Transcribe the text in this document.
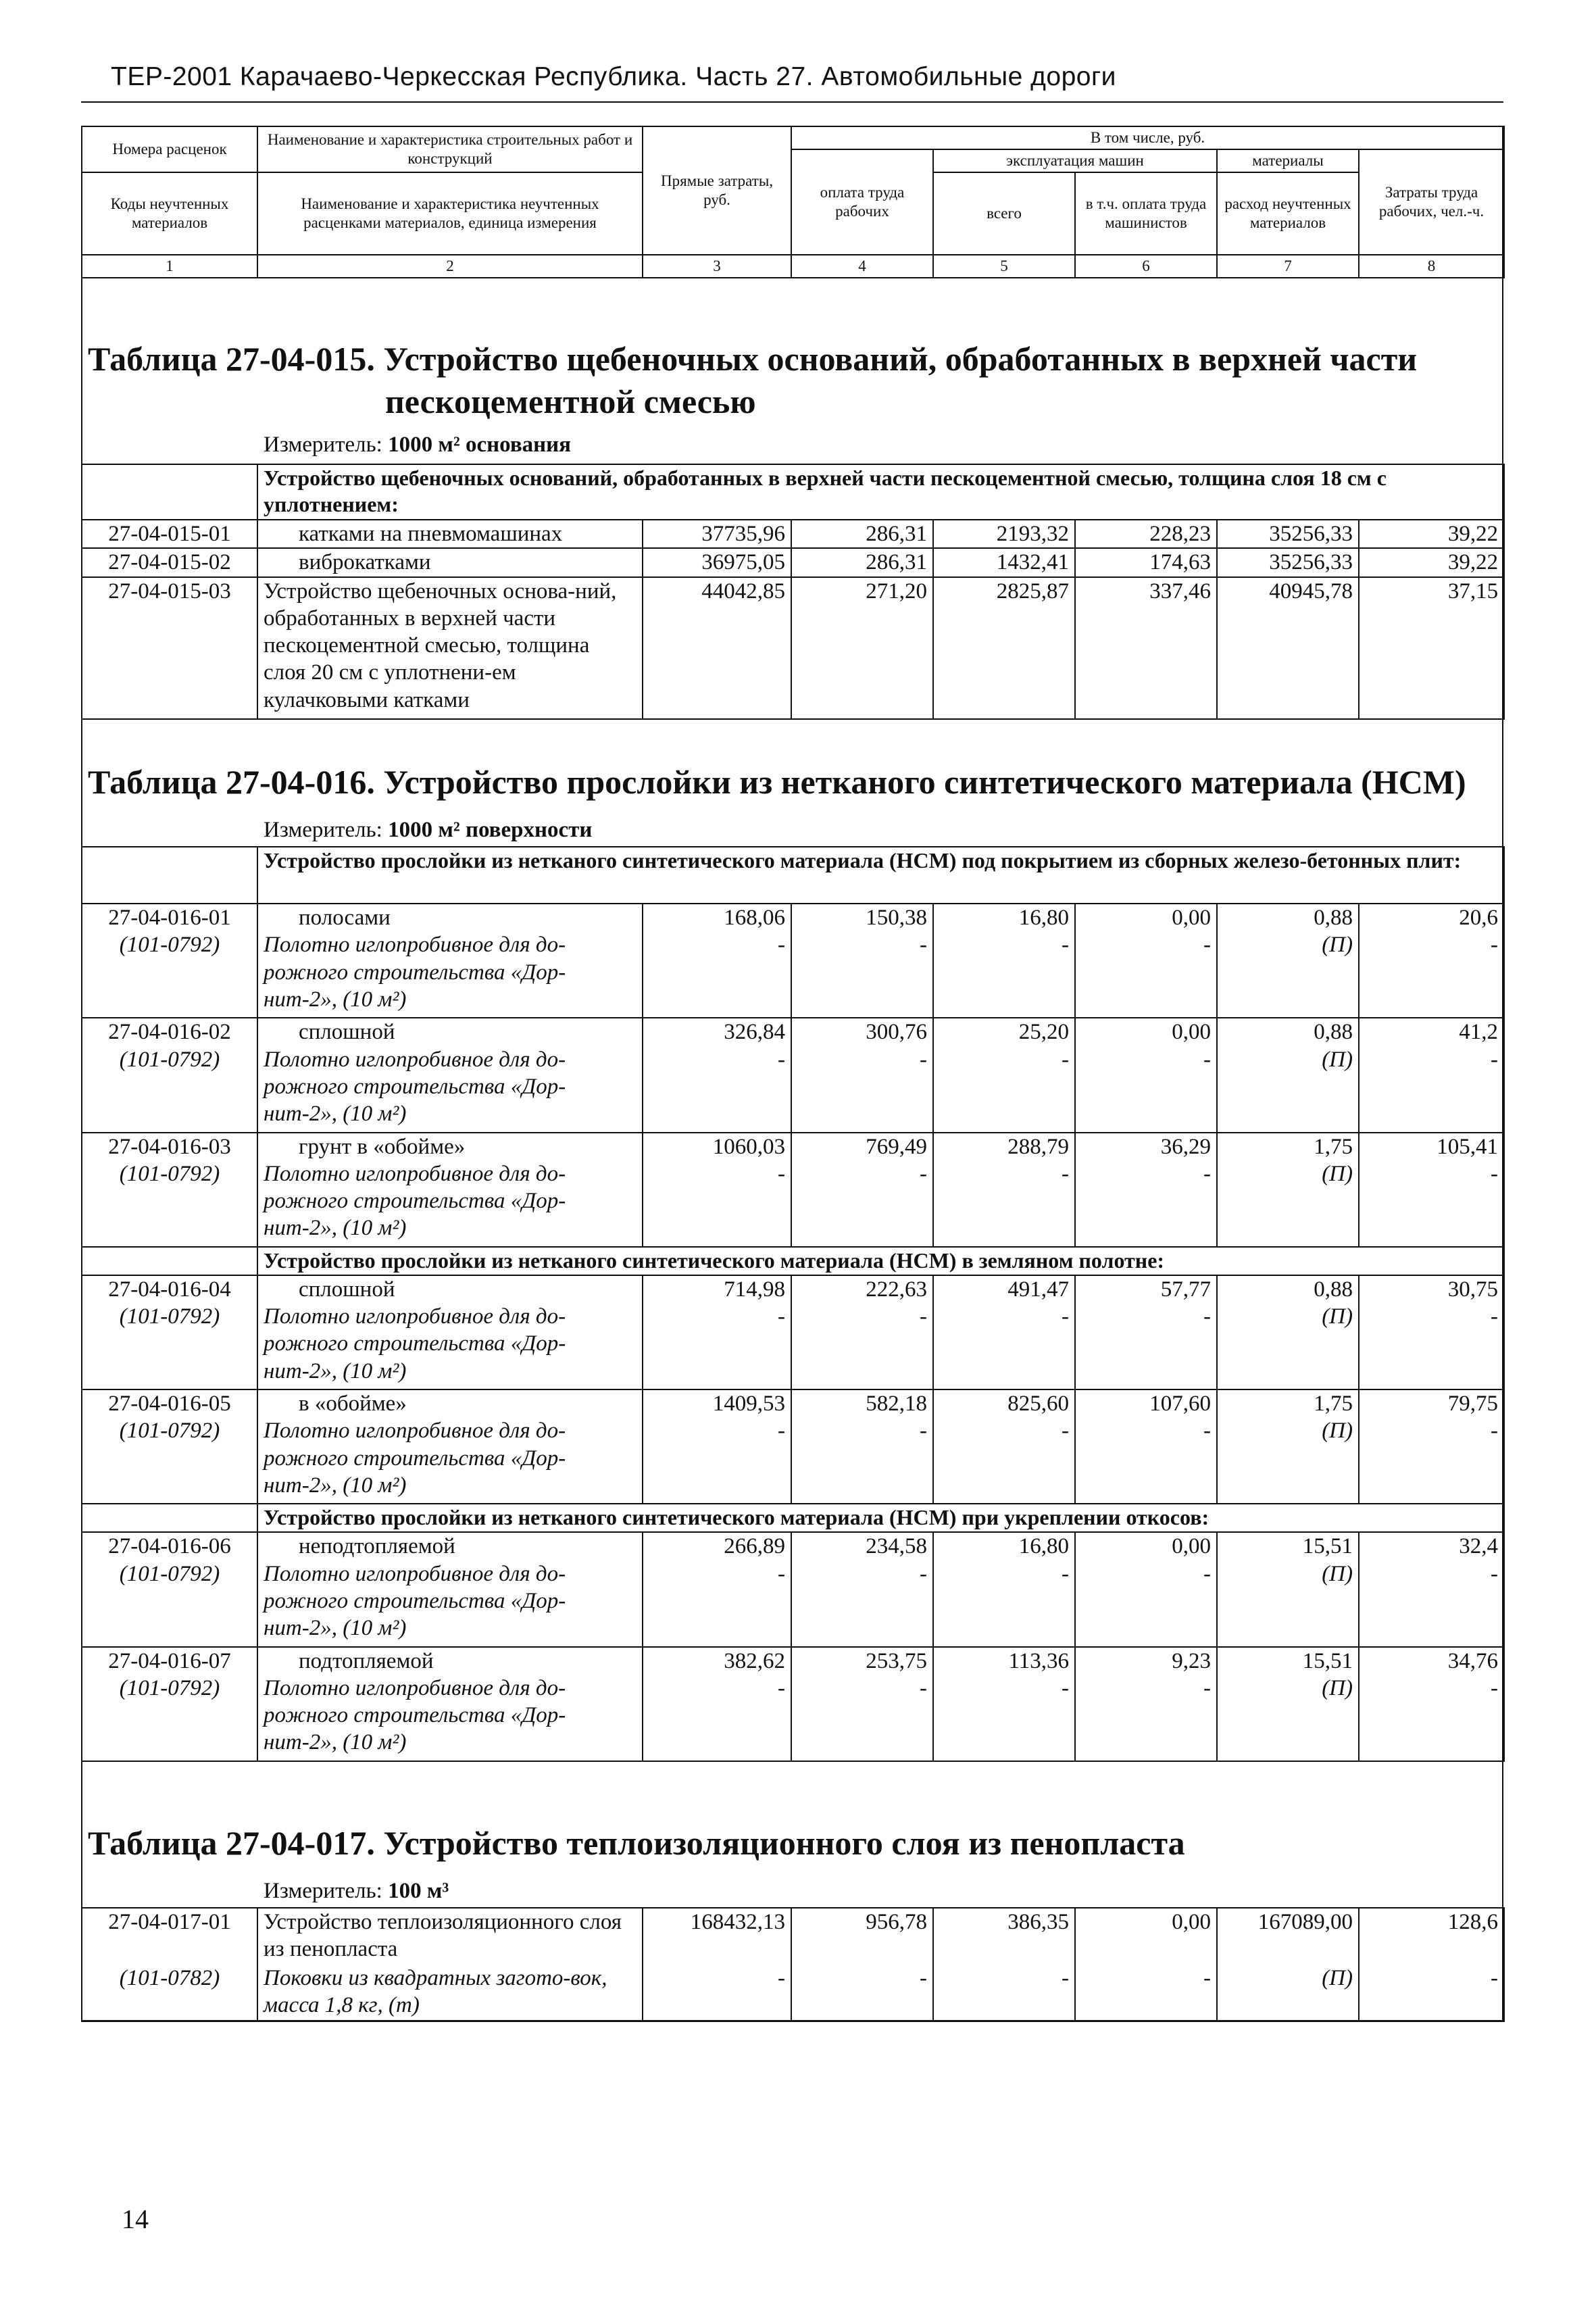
ТЕР-2001 Карачаево-Черкесская Республика. Часть 27. Автомобильные дороги
Номера расценок	Наименование и характеристика строительных работ и конструкций	Прямые затраты, руб.	В том числе, руб.				
			оплата труда рабочих	эксплуатация машин		материалы	Затраты труда рабочих, чел.-ч.
Коды неучтенных материалов	Наименование и характеристика неучтенных расценками материалов, единица измерения			всего	в т.ч. оплата труда машинистов	расход неучтенных материалов	

1	2	3	4	5	6	7	8
Таблица 27-04-015. Устройство щебеночных оснований, обработанных в верхней части
пескоцементной смесью
Измеритель: 1000 м² основания
	Устройство щебеночных оснований, обработанных в верхней части пескоцементной смесью, толщина слоя 18 см с уплотнением:						
27-04-015-01	катками на пневмомашинах	37735,96	286,31	2193,32	228,23	35256,33	39,22
27-04-015-02	виброкатками	36975,05	286,31	1432,41	174,63	35256,33	39,22
27-04-015-03	Устройство щебеночных основа-ний, обработанных в верхней части пескоцементной смесью, толщина слоя 20 см с уплотнени-ем кулачковыми катками	44042,85	271,20	2825,87	337,46	40945,78	37,15
Таблица 27-04-016. Устройство прослойки из нетканого синтетического материала (НСМ)
Измеритель: 1000 м² поверхности
	Устройство прослойки из нетканого синтетического материала (НСМ) под покрытием из сборных железо-бетонных плит:						
27-04-016-01	полосами	168,06	150,38	16,80	0,00	0,88	20,6
(101-0792)	Полотно иглопробивное для до-рожного строительства «Дор-нит-2», (10 м²)	-	-	-	-	(П)	-
27-04-016-02	сплошной	326,84	300,76	25,20	0,00	0,88	41,2
(101-0792)	Полотно иглопробивное для до-рожного строительства «Дор-нит-2», (10 м²)	-	-	-	-	(П)	-
27-04-016-03	грунт в «обойме»	1060,03	769,49	288,79	36,29	1,75	105,41
(101-0792)	Полотно иглопробивное для до-рожного строительства «Дор-нит-2», (10 м²)	-	-	-	-	(П)	-
	Устройство прослойки из нетканого синтетического материала (НСМ) в земляном полотне:						
27-04-016-04	сплошной	714,98	222,63	491,47	57,77	0,88	30,75
(101-0792)	Полотно иглопробивное для до-рожного строительства «Дор-нит-2», (10 м²)	-	-	-	-	(П)	-
27-04-016-05	в «обойме»	1409,53	582,18	825,60	107,60	1,75	79,75
(101-0792)	Полотно иглопробивное для до-рожного строительства «Дор-нит-2», (10 м²)	-	-	-	-	(П)	-
	Устройство прослойки из нетканого синтетического материала (НСМ) при укреплении откосов:						
27-04-016-06	неподтопляемой	266,89	234,58	16,80	0,00	15,51	32,4
(101-0792)	Полотно иглопробивное для до-рожного строительства «Дор-нит-2», (10 м²)	-	-	-	-	(П)	-
27-04-016-07	подтопляемой	382,62	253,75	113,36	9,23	15,51	34,76
(101-0792)	Полотно иглопробивное для до-рожного строительства «Дор-нит-2», (10 м²)	-	-	-	-	(П)	-
Таблица 27-04-017. Устройство теплоизоляционного слоя из пенопласта
Измеритель: 100 м³
27-04-017-01	Устройство теплоизоляционного слоя из пенопласта	168432,13	956,78	386,35	0,00	167089,00	128,6
(101-0782)	Поковки из квадратных загото-вок, масса 1,8 кг, (т)	-	-	-	-	(П)	-
14
